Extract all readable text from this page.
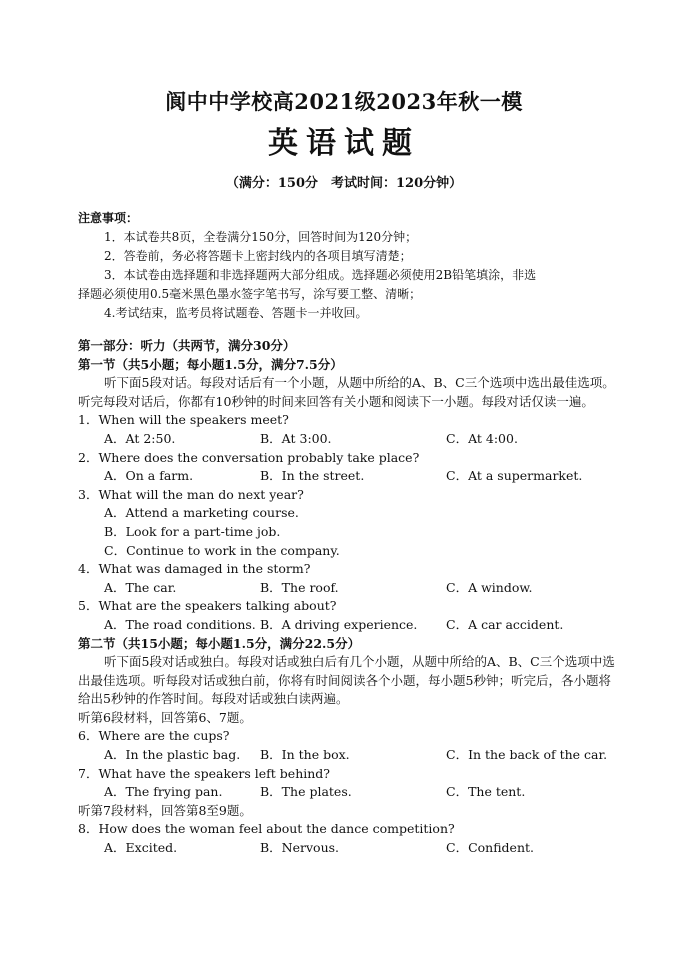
阆中中学校高2021级2023年秋一模
英语试题
（满分：150分　考试时间：120分钟）
注意事项：
1．本试卷共8页，全卷满分150分，回答时间为120分钟；
2．答卷前，务必将答题卡上密封线内的各项目填写清楚；
3．本试卷由选择题和非选择题两大部分组成。选择题必须使用2B铅笔填涂，非选
择题必须使用0.5毫米黑色墨水签字笔书写，涂写要工整、清晰；
4.考试结束，监考员将试题卷、答题卡一并收回。
第一部分：听力（共两节，满分30分）
第一节（共5小题；每小题1.5分，满分7.5分）
听下面5段对话。每段对话后有一个小题，从题中所给的A、B、C三个选项中选出最佳选项。听完每段对话后，你都有10秒钟的时间来回答有关小题和阅读下一小题。每段对话仅读一遍。
1．When will the speakers meet?
A．At 2:50.	B．At 3:00.	C．At 4:00.
2．Where does the conversation probably take place?
A．On a farm.	B．In the street.	C．At a supermarket.
3．What will the man do next year?
A．Attend a marketing course.
B．Look for a part-time job.
C．Continue to work in the company.
4．What was damaged in the storm?
A．The car.	B．The roof.	C．A window.
5．What are the speakers talking about?
A．The road conditions. B．A driving experience. C．A car accident.
第二节（共15小题；每小题1.5分，满分22.5分）
听下面5段对话或独白。每段对话或独白后有几个小题，从题中所给的A、B、C三个选项中选出最佳选项。听每段对话或独白前，你将有时间阅读各个小题，每小题5秒钟；听完后，各小题将给出5秒钟的作答时间。每段对话或独白读两遍。
听第6段材料，回答第6、7题。
6．Where are the cups?
A．In the plastic bag. B．In the box.	C．In the back of the car.
7．What have the speakers left behind?
A．The frying pan.	B．The plates.	C．The tent.
听第7段材料，回答第8至9题。
8．How does the woman feel about the dance competition?
A．Excited.	B．Nervous.	C．Confident.
